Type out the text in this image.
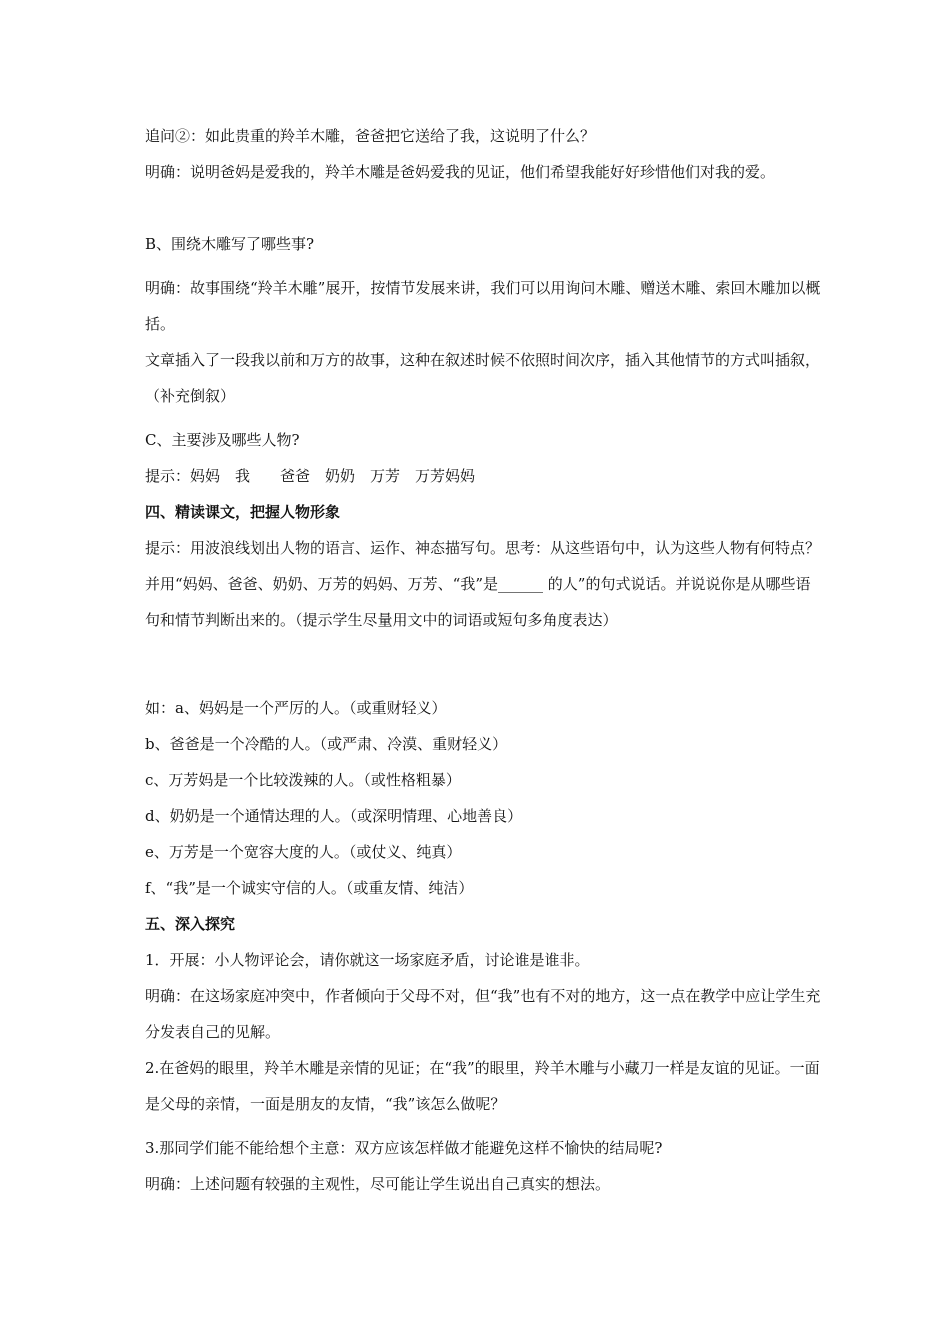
追问②：如此贵重的羚羊木雕，爸爸把它送给了我，这说明了什么？

明确：说明爸妈是爱我的，羚羊木雕是爸妈爱我的见证，他们希望我能好好珍惜他们对我的爱。

B、围绕木雕写了哪些事?

明确：故事围绕“羚羊木雕”展开，按情节发展来讲，我们可以用询问木雕、赠送木雕、索回木雕加以概括。

文章插入了一段我以前和万方的故事，这种在叙述时候不依照时间次序，插入其他情节的方式叫插叙，（补充倒叙）

C、主要涉及哪些人物?

提示：妈妈　我　　爸爸　奶奶　万芳　万芳妈妈

四、精读课文，把握人物形象

提示：用波浪线划出人物的语言、运作、神态描写句。思考：从这些语句中，认为这些人物有何特点？并用“妈妈、爸爸、奶奶、万芳的妈妈、万芳、“我”是______ 的人”的句式说话。并说说你是从哪些语句和情节判断出来的。（提示学生尽量用文中的词语或短句多角度表达）

如：a、妈妈是一个严厉的人。（或重财轻义）

b、爸爸是一个冷酷的人。（或严肃、冷漠、重财轻义）

c、万芳妈是一个比较泼辣的人。（或性格粗暴）

d、奶奶是一个通情达理的人。（或深明情理、心地善良）

e、万芳是一个宽容大度的人。（或仗义、纯真）

f、“我”是一个诚实守信的人。（或重友情、纯洁）

五、深入探究

1．开展：小人物评论会，请你就这一场家庭矛盾，讨论谁是谁非。

明确：在这场家庭冲突中，作者倾向于父母不对，但“我”也有不对的地方，这一点在教学中应让学生充分发表自己的见解。

2.在爸妈的眼里，羚羊木雕是亲情的见证；在“我”的眼里，羚羊木雕与小藏刀一样是友谊的见证。一面是父母的亲情，一面是朋友的友情，“我”该怎么做呢？

3.那同学们能不能给想个主意：双方应该怎样做才能避免这样不愉快的结局呢?

明确：上述问题有较强的主观性，尽可能让学生说出自己真实的想法。
